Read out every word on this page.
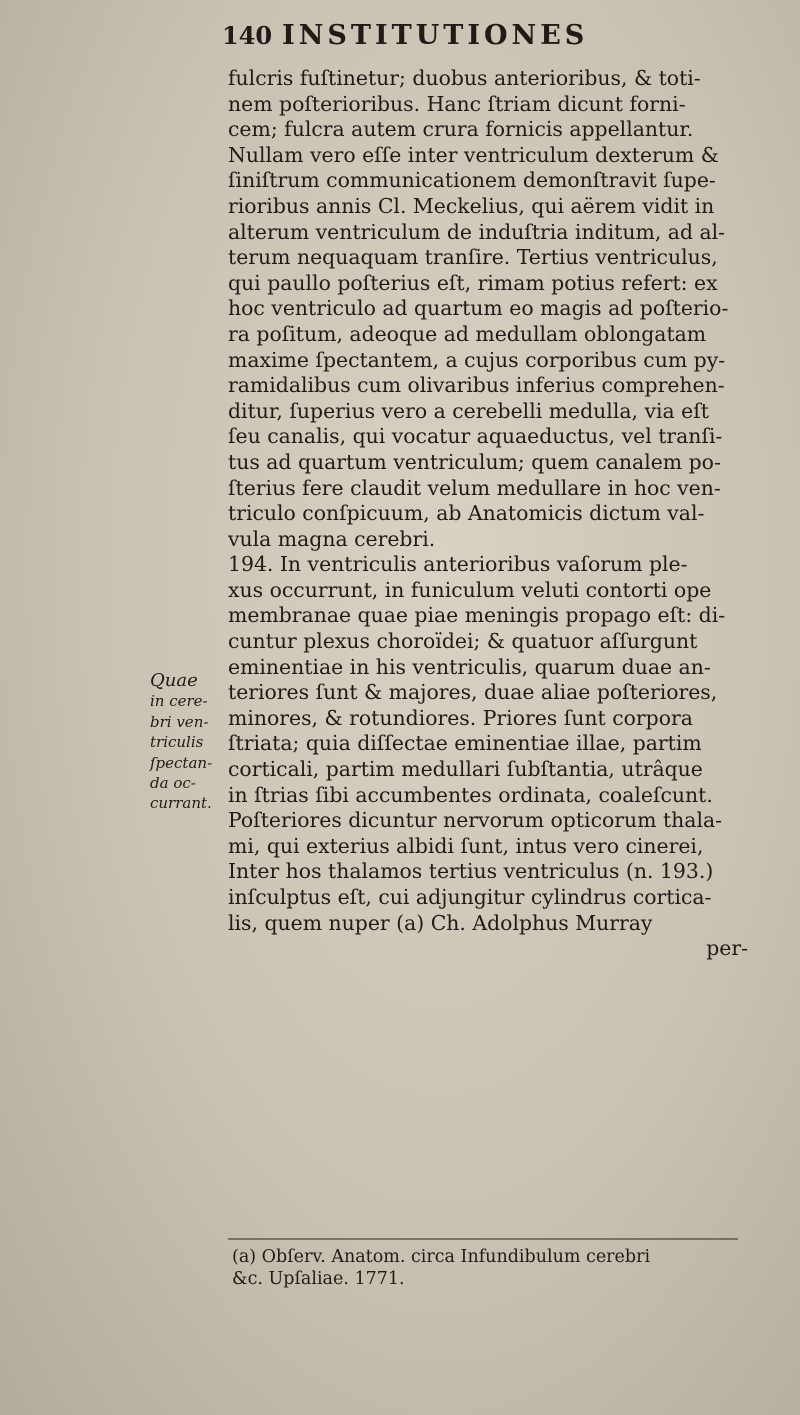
140 INSTITUTIONES
fulcris fuſtinetur; duobus anterioribus, & toti-
nem poſterioribus. Hanc ſtriam dicunt forni-
cem; fulcra autem crura fornicis appellantur.
Nullam vero eſſe inter ventriculum dexterum &
ſiniſtrum communicationem demonſtravit ſupe-
rioribus annis Cl. Meckelius, qui aërem vidit in
alterum ventriculum de induſtria inditum, ad al-
terum nequaquam tranſire. Tertius ventriculus,
qui paullo poſterius eſt, rimam potius refert: ex
hoc ventriculo ad quartum eo magis ad poſterio-
ra poſitum, adeoque ad medullam oblongatam
maxime ſpectantem, a cujus corporibus cum py-
ramidalibus cum olivaribus inferius comprehen-
ditur, ſuperius vero a cerebelli medulla, via eſt
ſeu canalis, qui vocatur aquaeductus, vel tranſi-
tus ad quartum ventriculum; quem canalem po-
ſterius fere claudit velum medullare in hoc ven-
triculo conſpicuum, ab Anatomicis dictum val-
vula magna cerebri.
194. In ventriculis anterioribus vaſorum ple-
xus occurrunt, in funiculum veluti contorti ope
membranae quae piae meningis propago eſt: di-
cuntur plexus choroïdei; & quatuor aſſurgunt
eminentiae in his ventriculis, quarum duae an-
teriores ſunt & majores, duae aliae poſteriores,
minores, & rotundiores. Priores ſunt corpora
ſtriata; quia diſſectae eminentiae illae, partim
corticali, partim medullari ſubſtantia, utrâque
in ſtrias ſibi accumbentes ordinata, coaleſcunt.
Poſteriores dicuntur nervorum opticorum thala-
mi, qui exterius albidi ſunt, intus vero cinerei,
Inter hos thalamos tertius ventriculus (n. 193.)
inſculptus eſt, cui adjungitur cylindrus cortica-
lis, quem nuper (a) Ch. Adolphus Murray
per-
Quae
in cere-
bri ven-
triculis
ſpectan-
da oc-
currant.
(a) Obſerv. Anatom. circa Infundibulum cerebri
&c. Upſaliae. 1771.
